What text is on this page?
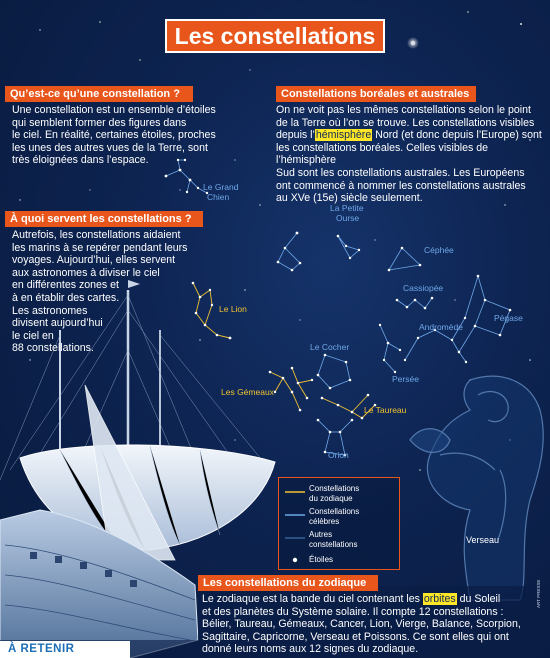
Les constellations
Qu’est-ce qu’une constellation ?
Une constellation est un ensemble d’étoiles
qui semblent former des figures dans
le ciel. En réalité, certaines étoiles, proches
les unes des autres vues de la Terre, sont
très éloignées dans l’espace.
À quoi servent les constellations ?
Autrefois, les constellations aidaient
les marins à se repérer pendant leurs
voyages. Aujourd’hui, elles servent
aux astronomes à diviser le ciel
en différentes zones et
à en établir des cartes.
Les astronomes
divisent aujourd’hui
le ciel en
88 constellations.
Constellations boréales et australes
On ne voit pas les mêmes constellations selon le point
de la Terre où l’on se trouve. Les constellations visibles
depuis l’hémisphère Nord (et donc depuis l’Europe) sont
les constellations boréales. Celles visibles de l’hémisphère
Sud sont les constellations australes. Les Européens
ont commencé à nommer les constellations australes
au XVe (15e) siècle seulement.
Le Grand
Chien
La Petite
Ourse
Céphée
Cassiopée
Pégase
Andromède
Le Lion
Le Cocher
Persée
Les Gémeaux
Le Taureau
Orion
Verseau
Constellations
du zodiaque
Constellations
célèbres
Autres
constellations
Étoiles
Les constellations du zodiaque
Le zodiaque est la bande du ciel contenant les orbites du Soleil
et des planètes du Système solaire. Il compte 12 constellations :
Bélier, Taureau, Gémeaux, Cancer, Lion, Vierge, Balance, Scorpion,
Sagittaire, Capricorne, Verseau et Poissons. Ce sont elles qui ont
donné leurs noms aux 12 signes du zodiaque.
À RETENIR
ART PRESSE
